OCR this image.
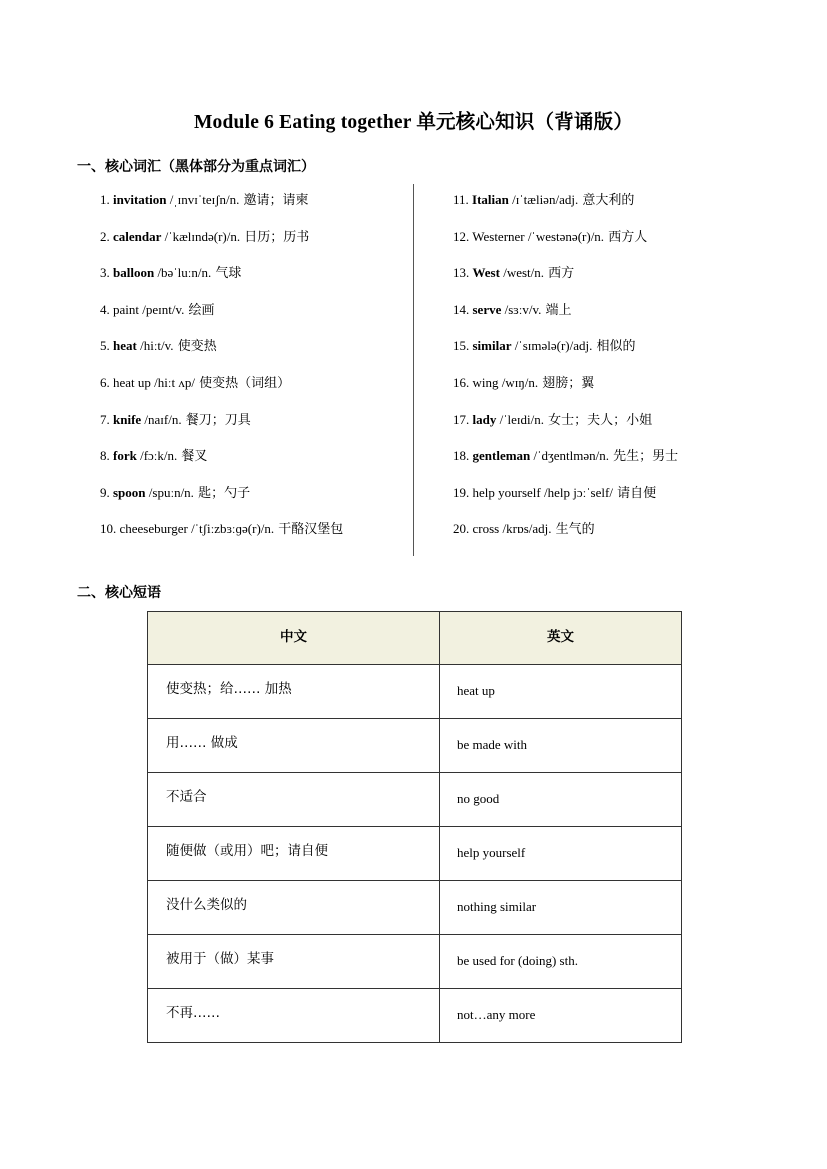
Module 6 Eating together 单元核心知识（背诵版）
一、核心词汇（黑体部分为重点词汇）
1. invitation /ˌɪnvɪˈteɪʃn/n. 邀请；请柬
2. calendar /ˈkælɪndə(r)/n. 日历；历书
3. balloon /bəˈluːn/n. 气球
4. paint /peɪnt/v. 绘画
5. heat /hiːt/v. 使变热
6. heat up /hiːt ʌp/ 使变热（词组）
7. knife /naɪf/n. 餐刀；刀具
8. fork /fɔːk/n. 餐叉
9. spoon /spuːn/n. 匙；勺子
10. cheeseburger /ˈtʃiːzbɜːɡə(r)/n. 干酪汉堡包
11. Italian /ɪˈtæliən/adj. 意大利的
12. Westerner /ˈwestənə(r)/n. 西方人
13. West /west/n. 西方
14. serve /sɜːv/v. 端上
15. similar /ˈsɪmələ(r)/adj. 相似的
16. wing /wɪŋ/n. 翅膀；翼
17. lady /ˈleɪdi/n. 女士；夫人；小姐
18. gentleman /ˈdʒentlmən/n. 先生；男士
19. help yourself /help jɔːˈself/ 请自便
20. cross /krɒs/adj. 生气的
二、核心短语
中文	英文
使变热；给…… 加热	heat up
用…… 做成	be made with
不适合	no good
随便做（或用）吧；请自便	help yourself
没什么类似的	nothing similar
被用于（做）某事	be used for (doing) sth.
不再……	not…any more
